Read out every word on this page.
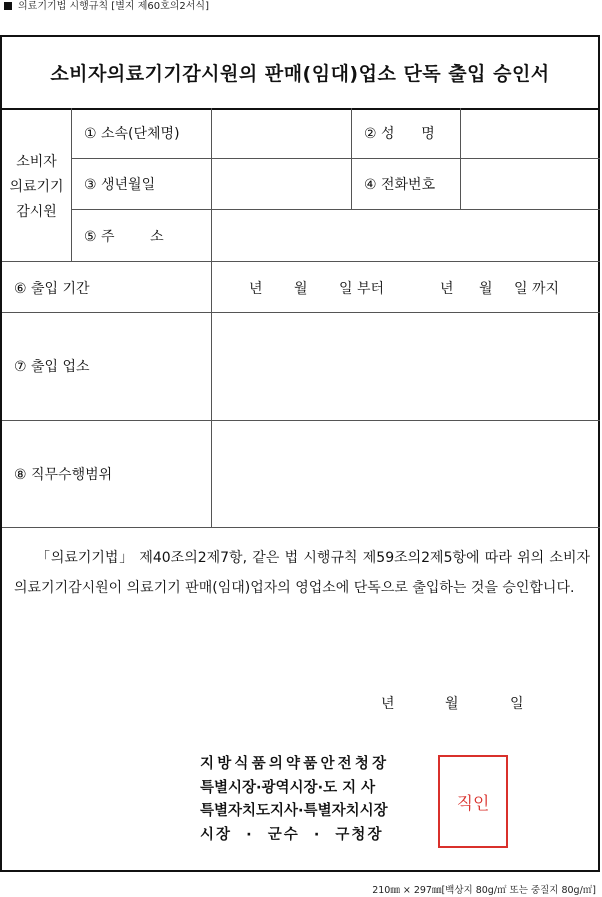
의료기기법 시행규칙 [별지 제60호의2서식]
소비자의료기기감시원의 판매(임대)업소 단독 출입 승인서
소비자
의료기기
감시원
① 소속(단체명)	② 성      명
③ 생년월일	④ 전화번호
⑤ 주        소
⑥ 출입 기간	년 월 일 부터	년 월 일 까지
⑦ 출입 업소
⑧ 직무수행범위
「의료기기법」 제40조의2제7항, 같은 법 시행규칙 제59조의2제5항에 따라 위의 소비자의료기기감시원이 의료기기 판매(임대)업자의 영업소에 단독으로 출입하는 것을 승인합니다.
년	월	일
지방식품의약품안전청장
특별시장·광역시장·도 지 사
특별자치도지사·특별자치시장
시장  ·  군수  ·  구청장
직인
210㎜ × 297㎜[백상지 80g/㎡ 또는 중질지 80g/㎡]
